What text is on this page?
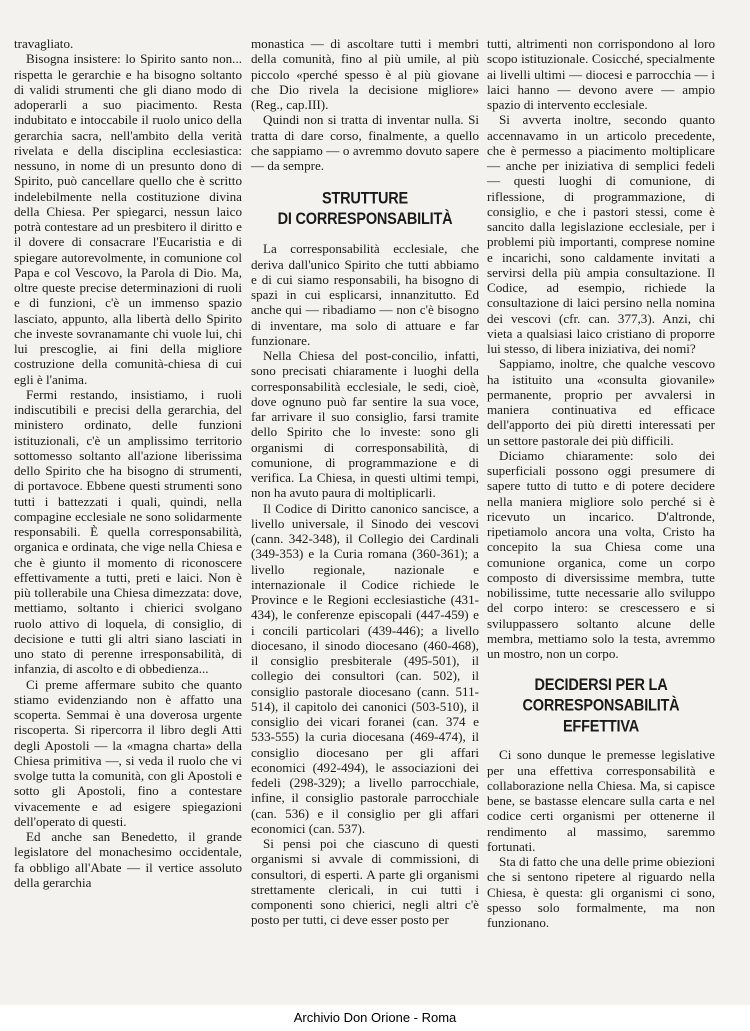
travagliato.

Bisogna insistere: lo Spirito santo non... rispetta le gerarchie e ha bisogno soltanto di validi strumenti che gli diano modo di adoperarli a suo piacimento. Resta indubitato e intoccabile il ruolo unico della gerarchia sacra, nell'ambito della verità rivelata e della disciplina ecclesiastica: nessuno, in nome di un presunto dono di Spirito, può cancellare quello che è scritto indelebilmente nella costituzione divina della Chiesa. Per spiegarci, nessun laico potrà contestare ad un presbitero il diritto e il dovere di consacrare l'Eucaristia e di spiegare autorevolmente, in comunione col Papa e col Vescovo, la Parola di Dio. Ma, oltre queste precise determinazioni di ruoli e di funzioni, c'è un immenso spazio lasciato, appunto, alla libertà dello Spirito che investe sovranamante chi vuole lui, chi lui prescoglie, ai fini della migliore costruzione della comunità-chiesa di cui egli è l'anima.

Fermi restando, insistiamo, i ruoli indiscutibili e precisi della gerarchia, del ministero ordinato, delle funzioni istituzionali, c'è un amplissimo territorio sottomesso soltanto all'azione liberissima dello Spirito che ha bisogno di strumenti, di portavoce. Ebbene questi strumenti sono tutti i battezzati i quali, quindi, nella compagine ecclesiale ne sono solidarmente responsabili. È quella corresponsabilità, organica e ordinata, che vige nella Chiesa e che è giunto il momento di riconoscere effettivamente a tutti, preti e laici. Non è più tollerabile una Chiesa dimezzata: dove, mettiamo, soltanto i chierici svolgano ruolo attivo di loquela, di consiglio, di decisione e tutti gli altri siano lasciati in uno stato di perenne irresponsabilità, di infanzia, di ascolto e di obbedienza...

Ci preme affermare subito che quanto stiamo evidenziando non è affatto una scoperta. Semmai è una doverosa urgente riscoperta. Si ripercorra il libro degli Atti degli Apostoli — la «magna charta» della Chiesa primitiva —, si veda il ruolo che vi svolge tutta la comunità, con gli Apostoli e sotto gli Apostoli, fino a contestare vivacemente e ad esigere spiegazioni dell'operato di questi.

Ed anche san Benedetto, il grande legislatore del monachesimo occidentale, fa obbligo all'Abate — il vertice assoluto della gerarchia

monastica — di ascoltare tutti i membri della comunità, fino al più umile, al più piccolo «perché spesso è al più giovane che Dio rivela la decisione migliore» (Reg., cap.III).

Quindi non si tratta di inventar nulla. Si tratta di dare corso, finalmente, a quello che sappiamo — o avremmo dovuto sapere — da sempre.

STRUTTURE
DI CORRESPONSABILITÀ

La corresponsabilità ecclesiale, che deriva dall'unico Spirito che tutti abbiamo e di cui siamo responsabili, ha bisogno di spazi in cui esplicarsi, innanzitutto. Ed anche qui — ribadiamo — non c'è bisogno di inventare, ma solo di attuare e far funzionare.

Nella Chiesa del post-concilio, infatti, sono precisati chiaramente i luoghi della corresponsabilità ecclesiale, le sedi, cioè, dove ognuno può far sentire la sua voce, far arrivare il suo consiglio, farsi tramite dello Spirito che lo investe: sono gli organismi di corresponsabilità, di comunione, di programmazione e di verifica. La Chiesa, in questi ultimi tempi, non ha avuto paura di moltiplicarli.

Il Codice di Diritto canonico sancisce, a livello universale, il Sinodo dei vescovi (cann. 342-348), il Collegio dei Cardinali (349-353) e la Curia romana (360-361); a livello regionale, nazionale e internazionale il Codice richiede le Province e le Regioni ecclesiastiche (431-434), le conferenze episcopali (447-459) e i concili particolari (439-446); a livello diocesano, il sinodo diocesano (460-468), il consiglio presbiterale (495-501), il collegio dei consultori (can. 502), il consiglio pastorale diocesano (cann. 511-514), il capitolo dei canonici (503-510), il consiglio dei vicari foranei (can. 374 e 533-555) la curia diocesana (469-474), il consiglio diocesano per gli affari economici (492-494), le associazioni dei fedeli (298-329); a livello parrocchiale, infine, il consiglio pastorale parrocchiale (can. 536) e il consiglio per gli affari economici (can. 537).

Si pensi poi che ciascuno di questi organismi si avvale di commissioni, di consultori, di esperti. A parte gli organismi strettamente clericali, in cui tutti i componenti sono chierici, negli altri c'è posto per tutti, ci deve esser posto per

tutti, altrimenti non corrispondono al loro scopo istituzionale. Cosicché, specialmente ai livelli ultimi — diocesi e parrocchia — i laici hanno — devono avere — ampio spazio di intervento ecclesiale.

Si avverta inoltre, secondo quanto accennavamo in un articolo precedente, che è permesso a piacimento moltiplicare — anche per iniziativa di semplici fedeli — questi luoghi di comunione, di riflessione, di programmazione, di consiglio, e che i pastori stessi, come è sancito dalla legislazione ecclesiale, per i problemi più importanti, comprese nomine e incarichi, sono caldamente invitati a servirsi della più ampia consultazione. Il Codice, ad esempio, richiede la consultazione di laici persino nella nomina dei vescovi (cfr. can. 377,3). Anzi, chi vieta a qualsiasi laico cristiano di proporre lui stesso, di libera iniziativa, dei nomi?

Sappiamo, inoltre, che qualche vescovo ha istituito una «consulta giovanile» permanente, proprio per avvalersi in maniera continuativa ed efficace dell'apporto dei più diretti interessati per un settore pastorale dei più difficili.

Diciamo chiaramente: solo dei superficiali possono oggi presumere di sapere tutto di tutto e di potere decidere nella maniera migliore solo perché si è ricevuto un incarico. D'altronde, ripetiamolo ancora una volta, Cristo ha concepito la sua Chiesa come una comunione organica, come un corpo composto di diversissime membra, tutte nobilissime, tutte necessarie allo sviluppo del corpo intero: se crescessero e si sviluppassero soltanto alcune delle membra, mettiamo solo la testa, avremmo un mostro, non un corpo.

DECIDERSI PER LA
CORRESPONSABILITÀ
EFFETTIVA

Ci sono dunque le premesse legislative per una effettiva corresponsabilità e collaborazione nella Chiesa. Ma, si capisce bene, se bastasse elencare sulla carta e nel codice certi organismi per ottenerne il rendimento al massimo, saremmo fortunati.

Sta di fatto che una delle prime obiezioni che si sentono ripetere al riguardo nella Chiesa, è questa: gli organismi ci sono, spesso solo formalmente, ma non funzionano.

Archivio Don Orione - Roma
